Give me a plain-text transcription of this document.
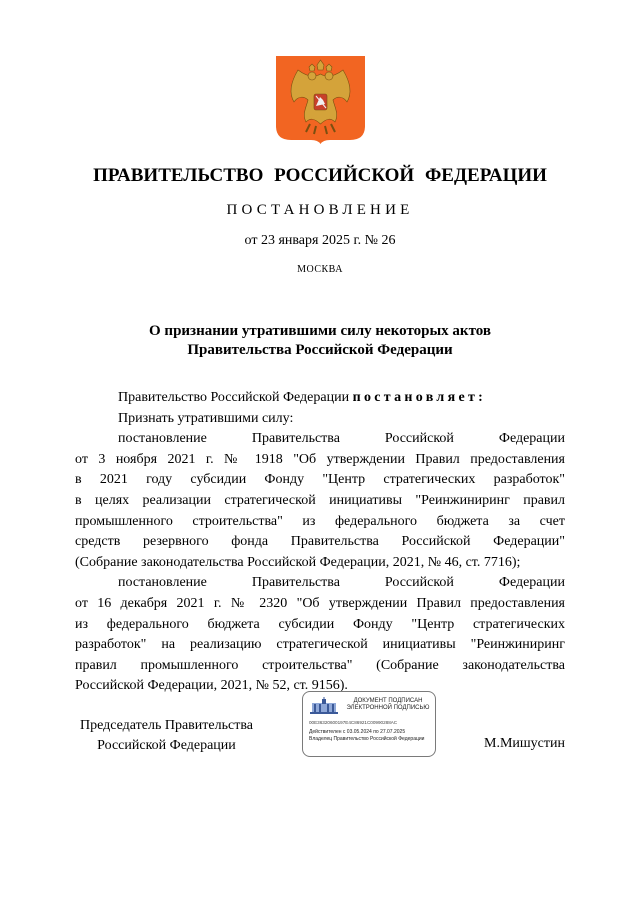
ПРАВИТЕЛЬСТВО РОССИЙСКОЙ ФЕДЕРАЦИИ
ПОСТАНОВЛЕНИЕ
от 23 января 2025 г. № 26
МОСКВА
О признании утратившими силу некоторых актов
Правительства Российской Федерации

Правительство Российской Федерации постановляет:

Признать утратившими силу:

постановление Правительства Российской Федерации

от 3 ноября 2021 г. № 1918 "Об утверждении Правил предоставления

в 2021 году субсидии Фонду "Центр стратегических разработок"

в целях реализации стратегической инициативы "Реинжиниринг правил

промышленного строительства" из федерального бюджета за счет

средств резервного фонда Правительства Российской Федерации"

(Собрание законодательства Российской Федерации, 2021, № 46, ст. 7716);

постановление Правительства Российской Федерации

от 16 декабря 2021 г. № 2320 "Об утверждении Правил предоставления

из федерального бюджета субсидии Фонду "Центр стратегических

разработок" на реализацию стратегической инициативы "Реинжиниринг

правил промышленного строительства" (Собрание законодательства

Российской Федерации, 2021, № 52, ст. 9156).

Председатель Правительства
Российской Федерации
ДОКУМЕНТ ПОДПИСАН
ЭЛЕКТРОННОЙ ПОДПИСЬЮ
00E36320600197E4C86921C00990288AC
Действителен с 03.05.2024 по 27.07.2025
Владелец Правительство Российской Федерации	М.Мишустин
